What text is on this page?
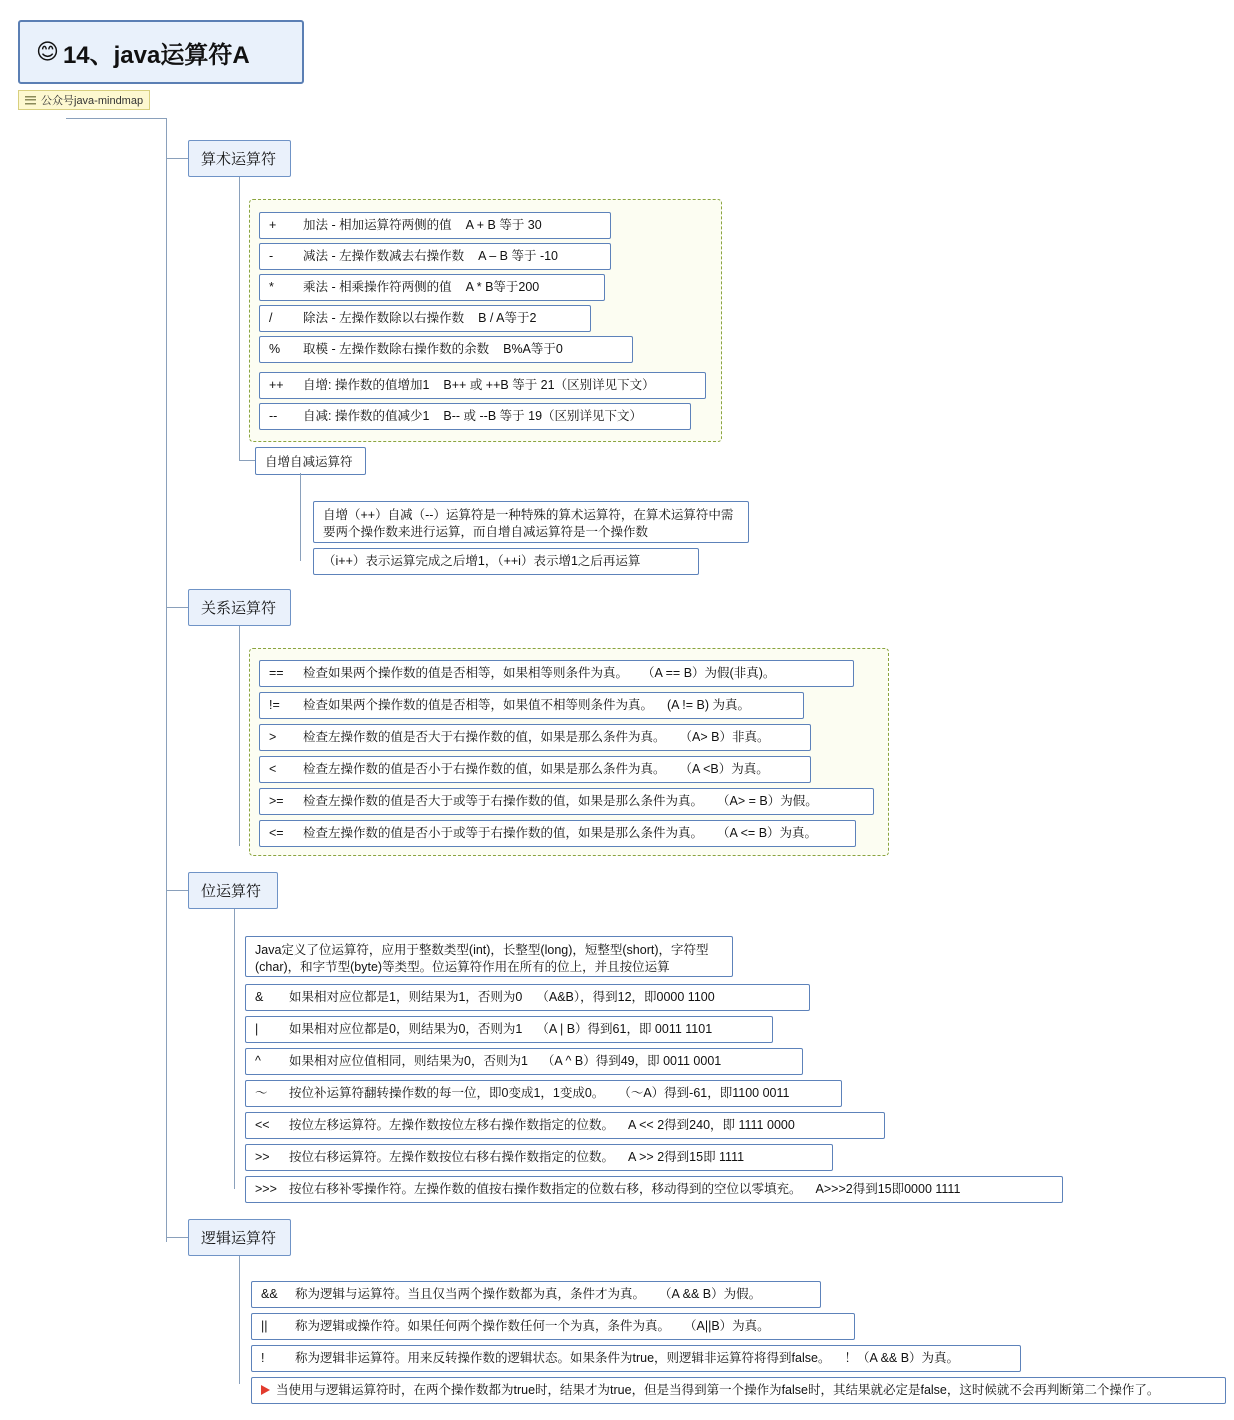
😊 14、java运算符A
公众号java-mindmap
算术运算符
+ 加法 - 相加运算符两侧的值 A + B 等于 30
- 减法 - 左操作数减去右操作数 A – B 等于 -10
* 乘法 - 相乘操作符两侧的值 A * B等于200
/ 除法 - 左操作数除以右操作数 B / A等于2
% 取模 - 左操作数除右操作数的余数 B%A等于0
++ 自增: 操作数的值增加1 B++ 或 ++B 等于 21（区别详见下文）
-- 自减: 操作数的值减少1 B-- 或 --B 等于 19（区别详见下文）
自增自减运算符
自增（++）自减（--）运算符是一种特殊的算术运算符，在算术运算符中需要两个操作数来进行运算，而自增自减运算符是一个操作数
（i++）表示运算完成之后增1，（++i）表示增1之后再运算
关系运算符
== 检查如果两个操作数的值是否相等，如果相等则条件为真。 （A == B）为假(非真)。
!= 检查如果两个操作数的值是否相等，如果值不相等则条件为真。 (A != B) 为真。
> 检查左操作数的值是否大于右操作数的值，如果是那么条件为真。 （A> B）非真。
< 检查左操作数的值是否小于右操作数的值，如果是那么条件为真。 （A <B）为真。
>= 检查左操作数的值是否大于或等于右操作数的值，如果是那么条件为真。 （A> = B）为假。
<= 检查左操作数的值是否小于或等于右操作数的值，如果是那么条件为真。 （A <= B）为真。
位运算符
Java定义了位运算符，应用于整数类型(int)，长整型(long)，短整型(short)，字符型(char)，和字节型(byte)等类型。位运算符作用在所有的位上，并且按位运算
& 如果相对应位都是1，则结果为1，否则为0 （A&B），得到12，即0000 1100
| 如果相对应位都是0，则结果为0，否则为1 （A | B）得到61，即 0011 1101
^ 如果相对应位值相同，则结果为0，否则为1 （A ^ B）得到49，即 0011 0001
〜 按位补运算符翻转操作数的每一位，即0变成1，1变成0。 （〜A）得到-61，即1100 0011
<< 按位左移运算符。左操作数按位左移右操作数指定的位数。 A << 2得到240，即 1111 0000
>> 按位右移运算符。左操作数按位右移右操作数指定的位数。 A >> 2得到15即 1111
>>> 按位右移补零操作符。左操作数的值按右操作数指定的位数右移，移动得到的空位以零填充。 A>>>2得到15即0000 1111
逻辑运算符
&& 称为逻辑与运算符。当且仅当两个操作数都为真，条件才为真。 （A && B）为假。
|| 称为逻辑或操作符。如果任何两个操作数任何一个为真，条件为真。 （A||B）为真。
! 称为逻辑非运算符。用来反转操作数的逻辑状态。如果条件为true，则逻辑非运算符将得到false。 ！（A && B）为真。
当使用与逻辑运算符时，在两个操作数都为true时，结果才为true，但是当得到第一个操作为false时，其结果就必定是false，这时候就不会再判断第二个操作了。
